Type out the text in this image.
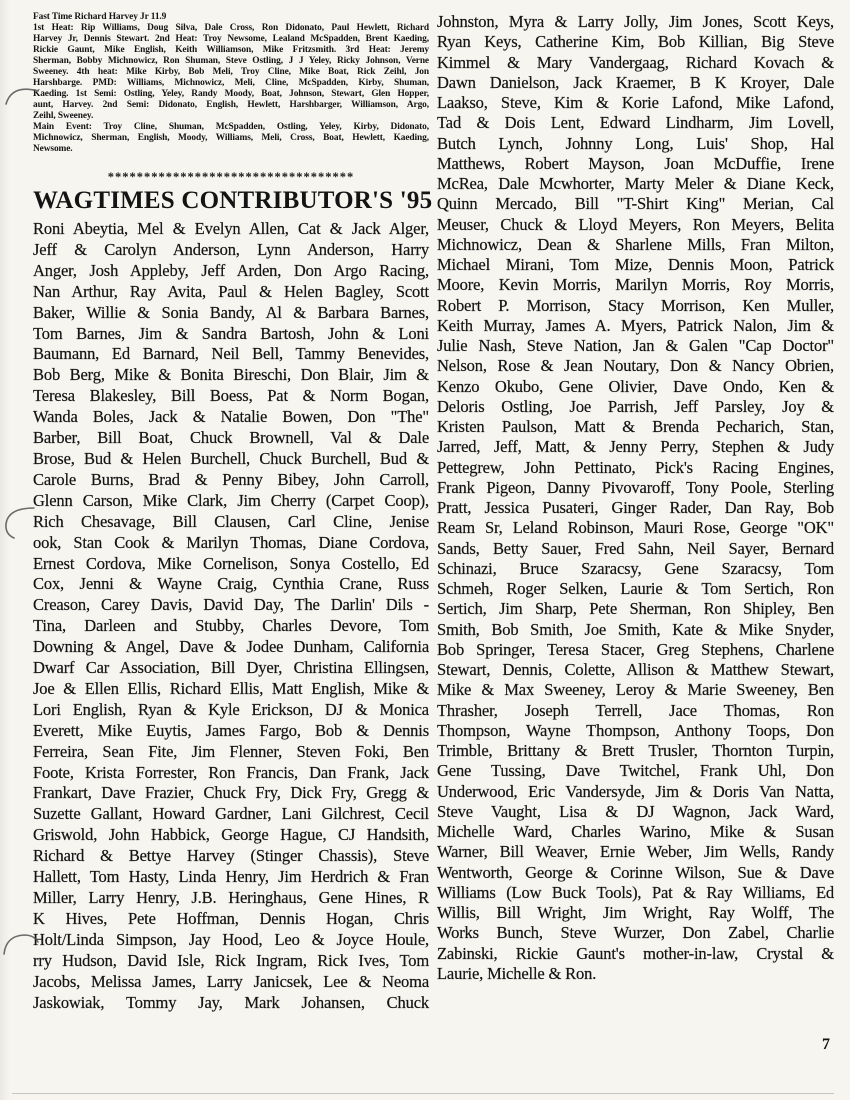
Fast Time Richard Harvey Jr 11.9
1st Heat: Rip Williams, Doug Silva, Dale Cross, Ron Didonato, Paul Hewlett, Richard
Harvey Jr, Dennis Stewart. 2nd Heat: Troy Newsome, Lealand McSpadden, Brent Kaeding,
Rickie Gaunt, Mike English, Keith Williamson, Mike Fritzsmith. 3rd Heat: Jeremy
Sherman, Bobby Michnowicz, Ron Shuman, Steve Ostling, J J Yeley, Ricky Johnson, Verne
Sweeney. 4th heat: Mike Kirby, Bob Meli, Troy Cline, Mike Boat, Rick Zeihl, Jon
Harshbarge. PMD: Williams, Michnowicz, Meli, Cline, McSpadden, Kirby, Shuman,
Kaeding. 1st Semi: Ostling, Yeley, Randy Moody, Boat, Johnson, Stewart, Glen Hopper,
aunt, Harvey. 2nd Semi: Didonato, English, Hewlett, Harshbarger, Williamson, Argo,
Zeihl, Sweeney.
Main Event: Troy Cline, Shuman, McSpadden, Ostling, Yeley, Kirby, Didonato,
Michnowicz, Sherman, English, Moody, Williams, Meli, Cross, Boat, Hewlett, Kaeding,
Newsome.
**********************************
WAGTIMES CONTRIBUTOR'S '95
Roni Abeytia, Mel & Evelyn Allen, Cat & Jack Alger,
Jeff & Carolyn Anderson, Lynn Anderson, Harry
Anger, Josh Appleby, Jeff Arden, Don Argo Racing,
Nan Arthur, Ray Avita, Paul & Helen Bagley, Scott
Baker, Willie & Sonia Bandy, Al & Barbara Barnes,
Tom Barnes, Jim & Sandra Bartosh, John & Loni
Baumann, Ed Barnard, Neil Bell, Tammy Benevides,
Bob Berg, Mike & Bonita Bireschi, Don Blair, Jim &
Teresa Blakesley, Bill Boess, Pat & Norm Bogan,
Wanda Boles, Jack & Natalie Bowen, Don "The"
Barber, Bill Boat, Chuck Brownell, Val & Dale
Brose, Bud & Helen Burchell, Chuck Burchell, Bud &
Carole Burns, Brad & Penny Bibey, John Carroll,
Glenn Carson, Mike Clark, Jim Cherry (Carpet Coop),
Rich Chesavage, Bill Clausen, Carl Cline, Jenise
ook, Stan Cook & Marilyn Thomas, Diane Cordova,
Ernest Cordova, Mike Cornelison, Sonya Costello, Ed
Cox, Jenni & Wayne Craig, Cynthia Crane, Russ
Creason, Carey Davis, David Day, The Darlin' Dils -
Tina, Darleen and Stubby, Charles Devore, Tom
Downing & Angel, Dave & Jodee Dunham, California
Dwarf Car Association, Bill Dyer, Christina Ellingsen,
Joe & Ellen Ellis, Richard Ellis, Matt English, Mike &
Lori English, Ryan & Kyle Erickson, DJ & Monica
Everett, Mike Euytis, James Fargo, Bob & Dennis
Ferreira, Sean Fite, Jim Flenner, Steven Foki, Ben
Foote, Krista Forrester, Ron Francis, Dan Frank, Jack
Frankart, Dave Frazier, Chuck Fry, Dick Fry, Gregg &
Suzette Gallant, Howard Gardner, Lani Gilchrest, Cecil
Griswold, John Habbick, George Hague, CJ Handsith,
Richard & Bettye Harvey (Stinger Chassis), Steve
Hallett, Tom Hasty, Linda Henry, Jim Herdrich & Fran
Miller, Larry Henry, J.B. Heringhaus, Gene Hines, R
K Hives, Pete Hoffman, Dennis Hogan, Chris
Holt/Linda Simpson, Jay Hood, Leo & Joyce Houle,
rry Hudson, David Isle, Rick Ingram, Rick Ives, Tom
Jacobs, Melissa James, Larry Janicsek, Lee & Neoma
Jaskowiak, Tommy Jay, Mark Johansen, Chuck
Johnston, Myra & Larry Jolly, Jim Jones, Scott Keys,
Ryan Keys, Catherine Kim, Bob Killian, Big Steve
Kimmel & Mary Vandergaag, Richard Kovach &
Dawn Danielson, Jack Kraemer, B K Kroyer, Dale
Laakso, Steve, Kim & Korie Lafond, Mike Lafond,
Tad & Dois Lent, Edward Lindharm, Jim Lovell,
Butch Lynch, Johnny Long, Luis' Shop, Hal
Matthews, Robert Mayson, Joan McDuffie, Irene
McRea, Dale Mcwhorter, Marty Meler & Diane Keck,
Quinn Mercado, Bill "T-Shirt King" Merian, Cal
Meuser, Chuck & Lloyd Meyers, Ron Meyers, Belita
Michnowicz, Dean & Sharlene Mills, Fran Milton,
Michael Mirani, Tom Mize, Dennis Moon, Patrick
Moore, Kevin Morris, Marilyn Morris, Roy Morris,
Robert P. Morrison, Stacy Morrison, Ken Muller,
Keith Murray, James A. Myers, Patrick Nalon, Jim &
Julie Nash, Steve Nation, Jan & Galen "Cap Doctor"
Nelson, Rose & Jean Noutary, Don & Nancy Obrien,
Kenzo Okubo, Gene Olivier, Dave Ondo, Ken &
Deloris Ostling, Joe Parrish, Jeff Parsley, Joy &
Kristen Paulson, Matt & Brenda Pecharich, Stan,
Jarred, Jeff, Matt, & Jenny Perry, Stephen & Judy
Pettegrew, John Pettinato, Pick's Racing Engines,
Frank Pigeon, Danny Pivovaroff, Tony Poole, Sterling
Pratt, Jessica Pusateri, Ginger Rader, Dan Ray, Bob
Ream Sr, Leland Robinson, Mauri Rose, George "OK"
Sands, Betty Sauer, Fred Sahn, Neil Sayer, Bernard
Schinazi, Bruce Szaracsy, Gene Szaracsy, Tom
Schmeh, Roger Selken, Laurie & Tom Sertich, Ron
Sertich, Jim Sharp, Pete Sherman, Ron Shipley, Ben
Smith, Bob Smith, Joe Smith, Kate & Mike Snyder,
Bob Springer, Teresa Stacer, Greg Stephens, Charlene
Stewart, Dennis, Colette, Allison & Matthew Stewart,
Mike & Max Sweeney, Leroy & Marie Sweeney, Ben
Thrasher, Joseph Terrell, Jace Thomas, Ron
Thompson, Wayne Thompson, Anthony Toops, Don
Trimble, Brittany & Brett Trusler, Thornton Turpin,
Gene Tussing, Dave Twitchel, Frank Uhl, Don
Underwood, Eric Vandersyde, Jim & Doris Van Natta,
Steve Vaught, Lisa & DJ Wagnon, Jack Ward,
Michelle Ward, Charles Warino, Mike & Susan
Warner, Bill Weaver, Ernie Weber, Jim Wells, Randy
Wentworth, George & Corinne Wilson, Sue & Dave
Williams (Low Buck Tools), Pat & Ray Williams, Ed
Willis, Bill Wright, Jim Wright, Ray Wolff, The
Works Bunch, Steve Wurzer, Don Zabel, Charlie
Zabinski, Rickie Gaunt's mother-in-law, Crystal &
Laurie, Michelle & Ron.
7
